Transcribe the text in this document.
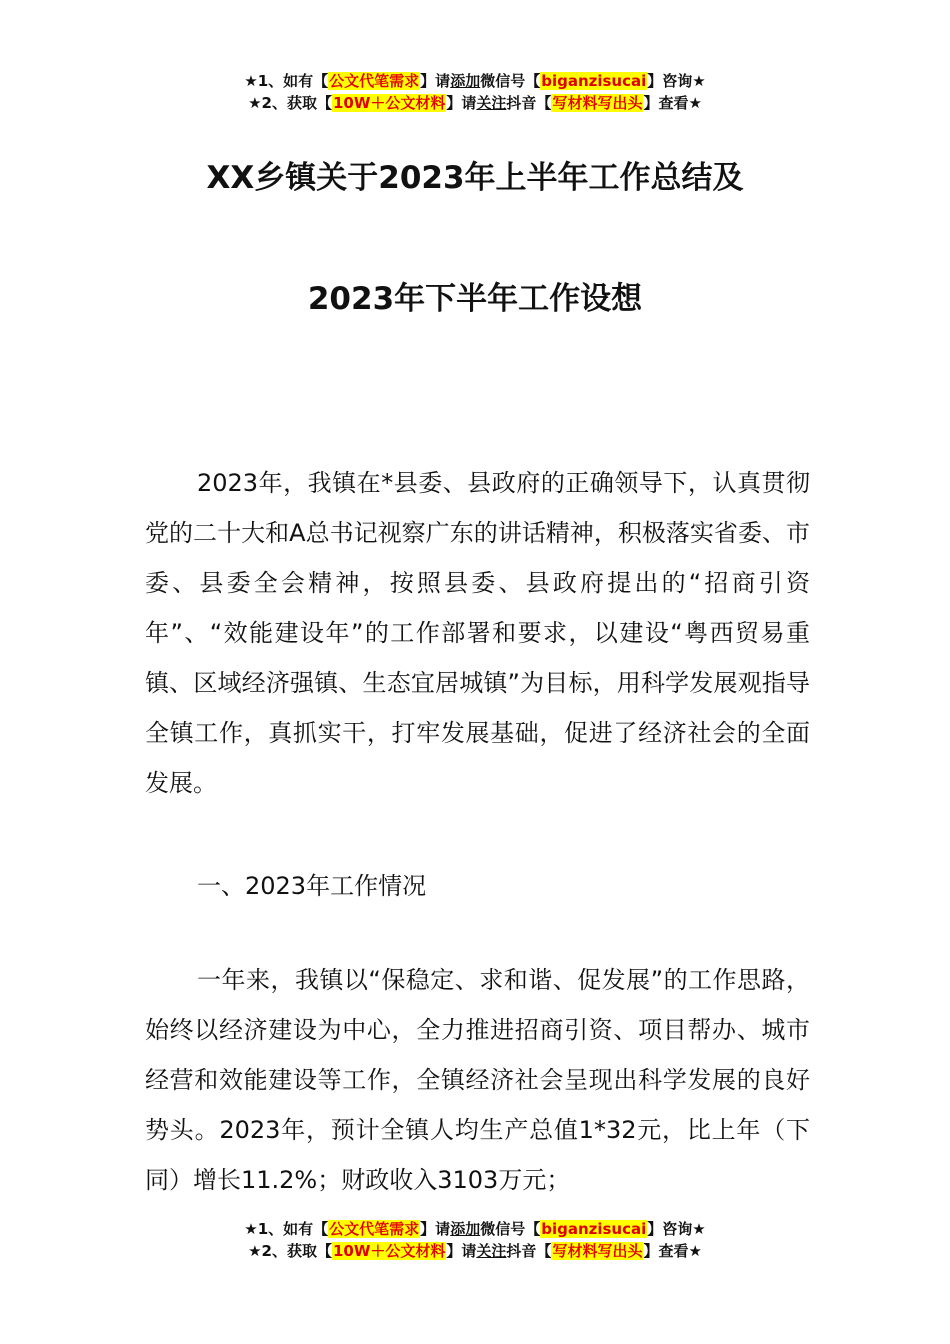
★1、如有【公文代笔需求】请添加微信号【biganzisucai】咨询★
★2、获取【10W＋公文材料】请关注抖音【写材料写出头】查看★
XX乡镇关于2023年上半年工作总结及
2023年下半年工作设想
2023年，我镇在*县委、县政府的正确领导下，认真贯彻党的二十大和A总书记视察广东的讲话精神，积极落实省委、市委、县委全会精神，按照县委、县政府提出的“招商引资年”、“效能建设年”的工作部署和要求，以建设“粤西贸易重镇、区域经济强镇、生态宜居城镇”为目标，用科学发展观指导全镇工作，真抓实干，打牢发展基础，促进了经济社会的全面发展。
一、2023年工作情况
一年来，我镇以“保稳定、求和谐、促发展”的工作思路，始终以经济建设为中心，全力推进招商引资、项目帮办、城市经营和效能建设等工作，全镇经济社会呈现出科学发展的良好势头。2023年，预计全镇人均生产总值1*32元，比上年（下同）增长11.2%；财政收入3103万元；
★1、如有【公文代笔需求】请添加微信号【biganzisucai】咨询★
★2、获取【10W＋公文材料】请关注抖音【写材料写出头】查看★
